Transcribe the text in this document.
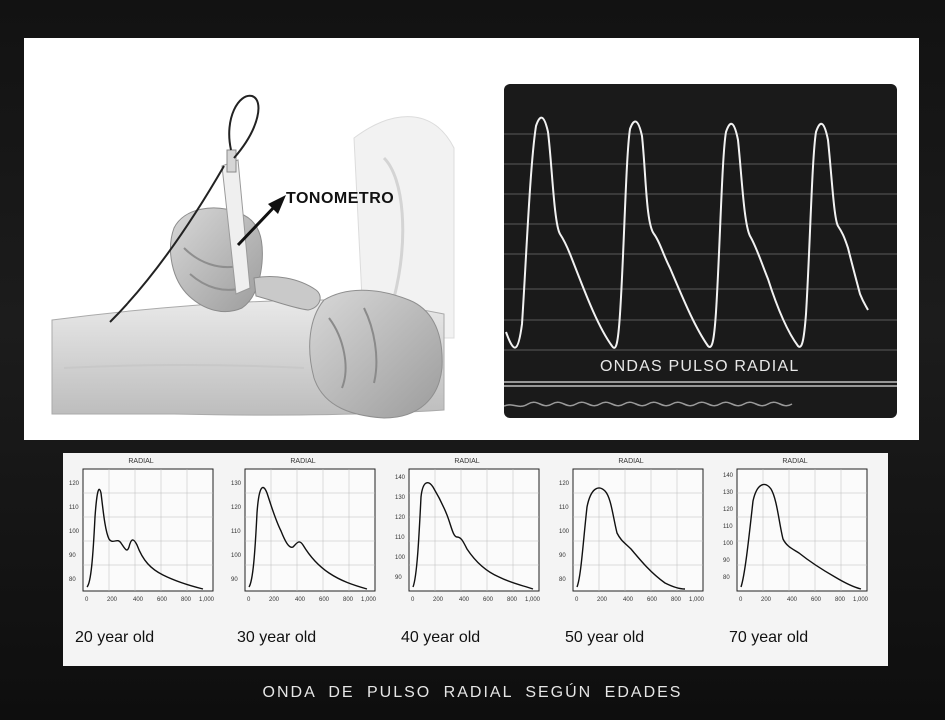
TONOMETRO
ONDAS PULSO RADIAL
RADIAL
120
110
100
90
80
0	200	400 600 800 1,000
20 year old
RADIAL
130
120
110
100
90
0	200	400 600 800 1,000
30 year old
RADIAL
140
130
120
110
100
90
0	200	400 600 800 1,000
40 year old
RADIAL
120
110
100
90
80
0	200	400 600 800 1,000
50 year old
RADIAL
140
130
120
110
100
90
80
0	200	400 600 800 1,000
70 year old
ONDA DE PULSO RADIAL SEGÚN EDADES
